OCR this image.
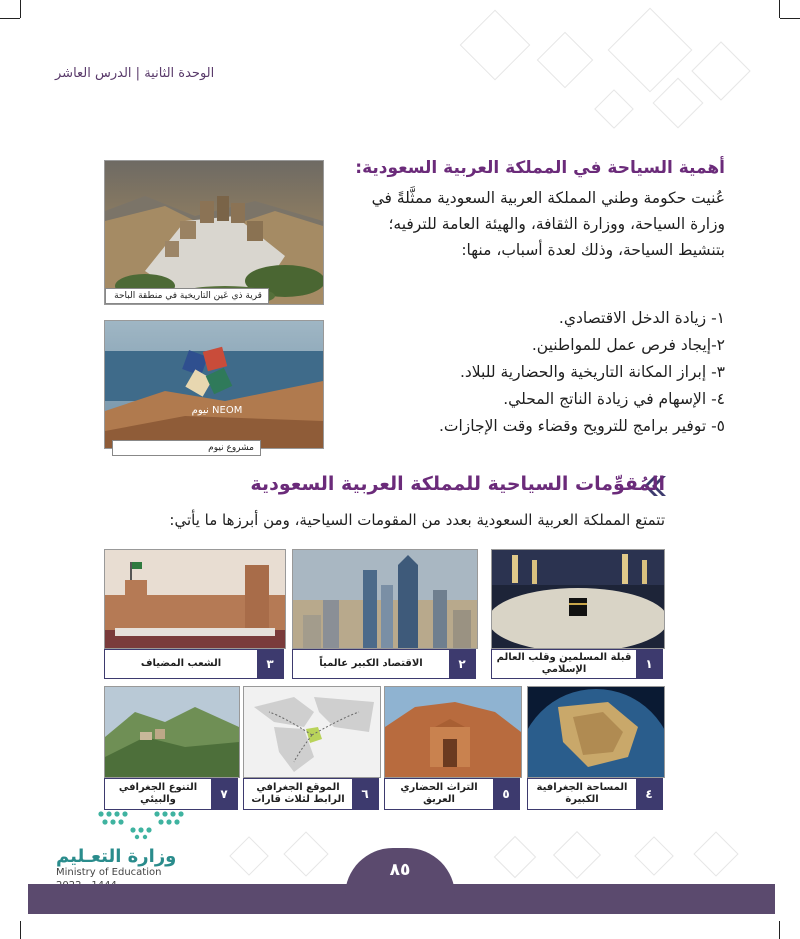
الوحدة الثانية | الدرس العاشر
قرية ذي عَين التاريخية في منطقة الباحة
نيوم NEOM
مشروع نيوم
أهمية السياحة في المملكة العربية السعودية:
عُنيت حكومة وطني المملكة العربية السعودية ممثَّلةً في وزارة السياحة، ووزارة الثقافة، والهيئة العامة للترفيه؛ بتنشيط السياحة، وذلك لعدة أسباب، منها:
١- زيادة الدخل الاقتصادي.
٢-إيجاد فرص عمل للمواطنين.
٣- إبراز المكانة التاريخية والحضارية للبلاد.
٤- الإسهام في زيادة الناتج المحلي.
٥- توفير برامج للترويح وقضاء وقت الإجازات.
المُقوِّمات السياحية للمملكة العربية السعودية
تتمتع المملكة العربية السعودية بعدد من المقومات السياحية، ومن أبرزها ما يأتي:
١
قبلة المسلمين وقلب العالم الإسلامي
٢
الاقتصاد الكبير عالمياً
٣
الشعب المضياف
٤
المساحة الجغرافية الكبيرة
٥
التراث الحضاري العريق
٦
الموقع الجغرافي الرابط لثلاث قارات
٧
التنوع الجغرافي والبيئي
وزارة التعـليم
Ministry of Education	٨٥
